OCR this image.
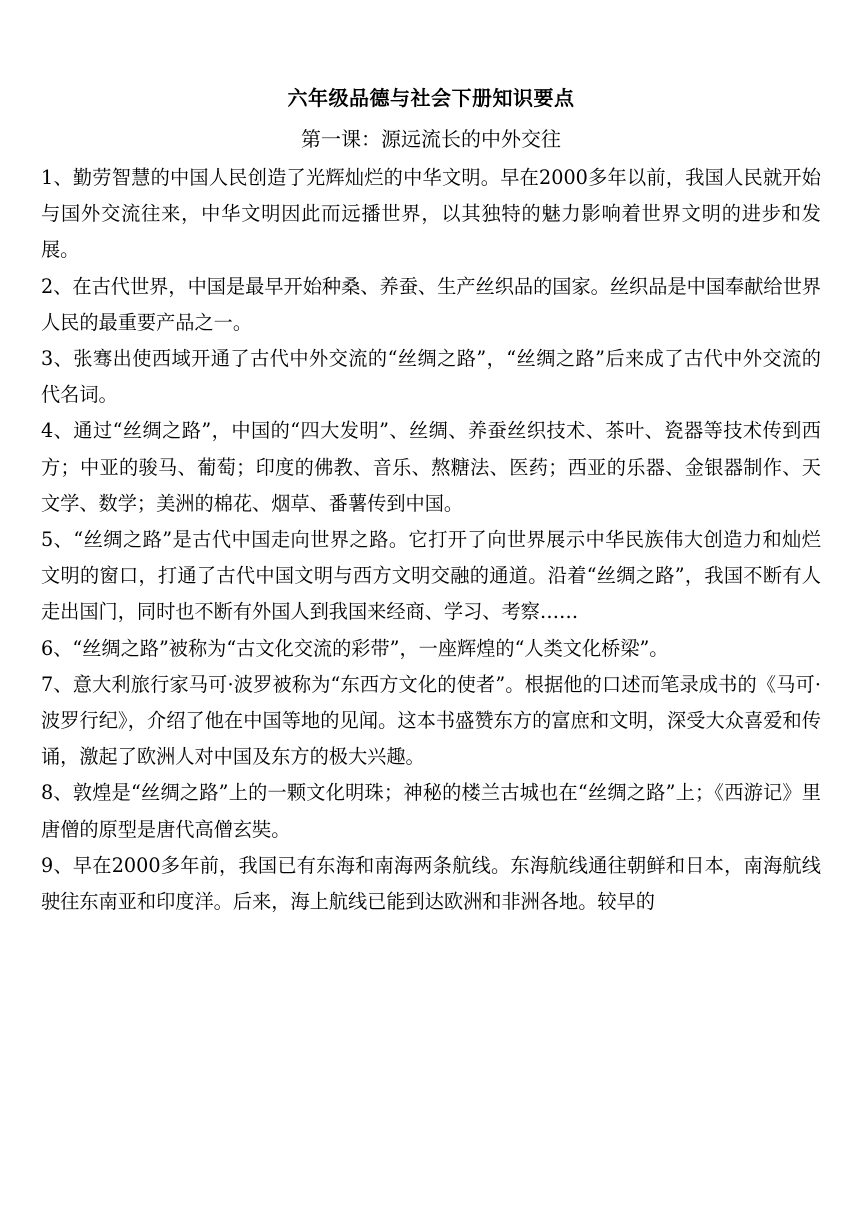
六年级品德与社会下册知识要点
第一课：源远流长的中外交往

1、勤劳智慧的中国人民创造了光辉灿烂的中华文明。早在2000多年以前，我国人民就开始与国外交流往来，中华文明因此而远播世界，以其独特的魅力影响着世界文明的进步和发展。

2、在古代世界，中国是最早开始种桑、养蚕、生产丝织品的国家。丝织品是中国奉献给世界人民的最重要产品之一。

3、张骞出使西域开通了古代中外交流的“丝绸之路”，“丝绸之路”后来成了古代中外交流的代名词。

4、通过“丝绸之路”，中国的“四大发明”、丝绸、养蚕丝织技术、茶叶、瓷器等技术传到西方；中亚的骏马、葡萄；印度的佛教、音乐、熬糖法、医药；西亚的乐器、金银器制作、天文学、数学；美洲的棉花、烟草、番薯传到中国。

5、“丝绸之路”是古代中国走向世界之路。它打开了向世界展示中华民族伟大创造力和灿烂文明的窗口，打通了古代中国文明与西方文明交融的通道。沿着“丝绸之路”，我国不断有人走出国门，同时也不断有外国人到我国来经商、学习、考察……

6、“丝绸之路”被称为“古文化交流的彩带”，一座辉煌的“人类文化桥梁”。

7、意大利旅行家马可·波罗被称为“东西方文化的使者”。根据他的口述而笔录成书的《马可·波罗行纪》，介绍了他在中国等地的见闻。这本书盛赞东方的富庶和文明，深受大众喜爱和传诵，激起了欧洲人对中国及东方的极大兴趣。

8、敦煌是“丝绸之路”上的一颗文化明珠；神秘的楼兰古城也在“丝绸之路”上；《西游记》里唐僧的原型是唐代高僧玄奘。

9、早在2000多年前，我国已有东海和南海两条航线。东海航线通往朝鲜和日本，南海航线驶往东南亚和印度洋。后来，海上航线已能到达欧洲和非洲各地。较早的
